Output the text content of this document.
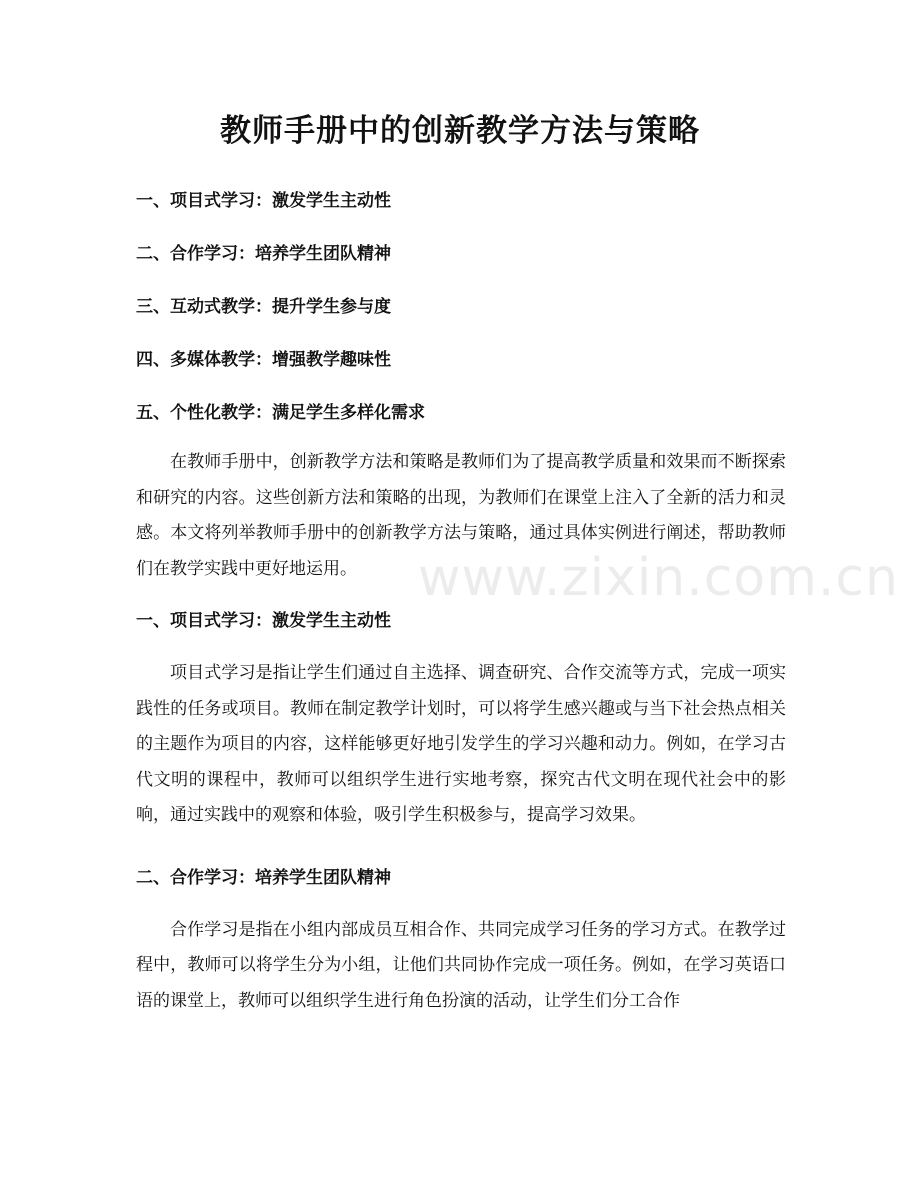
教师手册中的创新教学方法与策略
一、项目式学习：激发学生主动性
二、合作学习：培养学生团队精神
三、互动式教学：提升学生参与度
四、多媒体教学：增强教学趣味性
五、个性化教学：满足学生多样化需求

在教师手册中，创新教学方法和策略是教师们为了提高教学质量和效果而不断探索和研究的内容。这些创新方法和策略的出现，为教师们在课堂上注入了全新的活力和灵感。本文将列举教师手册中的创新教学方法与策略，通过具体实例进行阐述，帮助教师们在教学实践中更好地运用。

一、项目式学习：激发学生主动性

项目式学习是指让学生们通过自主选择、调查研究、合作交流等方式，完成一项实践性的任务或项目。教师在制定教学计划时，可以将学生感兴趣或与当下社会热点相关的主题作为项目的内容，这样能够更好地引发学生的学习兴趣和动力。例如，在学习古代文明的课程中，教师可以组织学生进行实地考察，探究古代文明在现代社会中的影响，通过实践中的观察和体验，吸引学生积极参与，提高学习效果。

二、合作学习：培养学生团队精神

合作学习是指在小组内部成员互相合作、共同完成学习任务的学习方式。在教学过程中，教师可以将学生分为小组，让他们共同协作完成一项任务。例如，在学习英语口语的课堂上，教师可以组织学生进行角色扮演的活动，让学生们分工合作

www.zixin.com.cn
